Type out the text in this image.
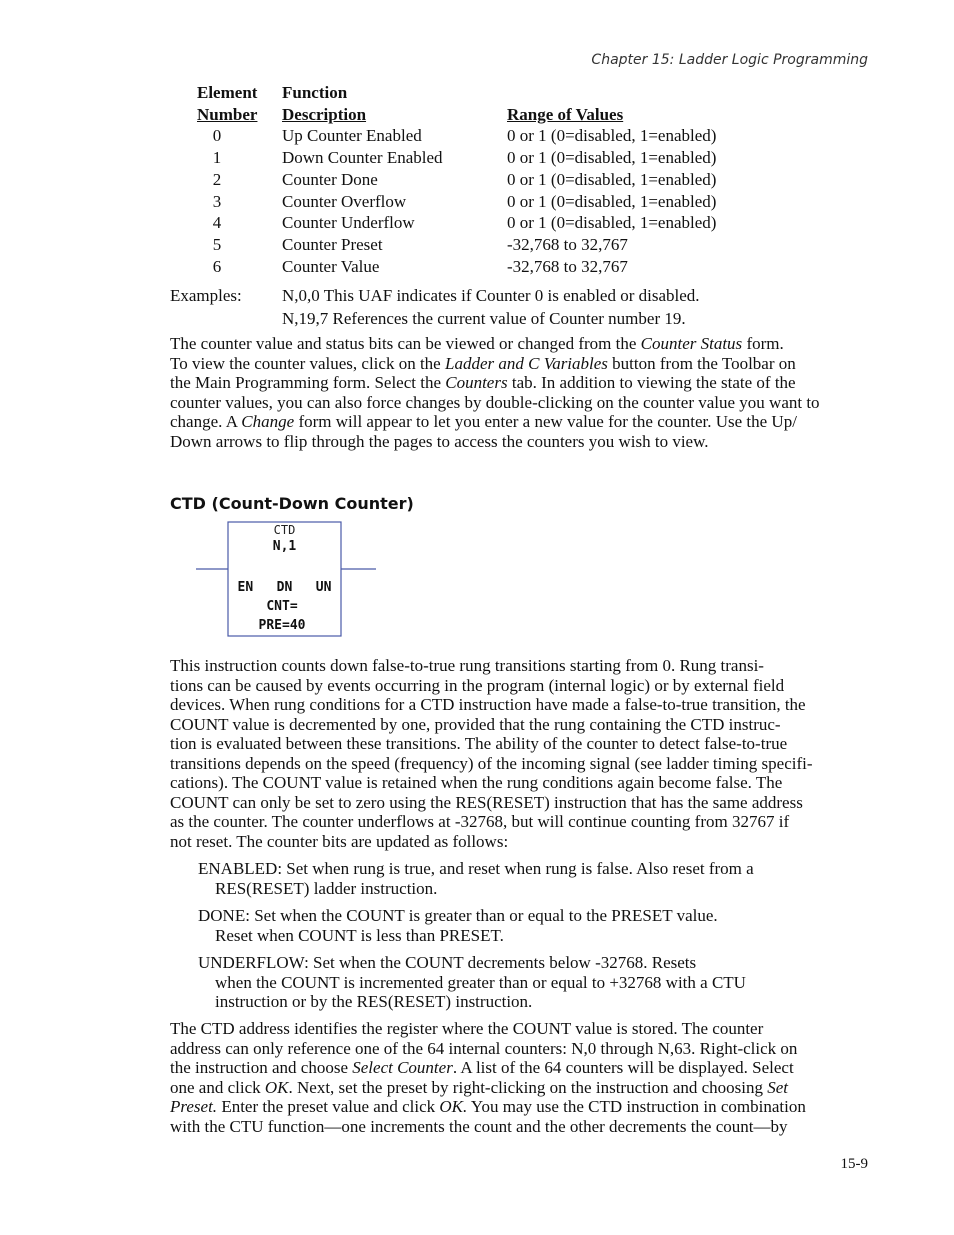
Chapter 15: Ladder Logic Programming
Element	Function
Number	Description	Range of Values
0	Up Counter Enabled	0 or 1 (0=disabled, 1=enabled)
1	Down Counter Enabled	0 or 1 (0=disabled, 1=enabled)
2	Counter Done	0 or 1 (0=disabled, 1=enabled)
3	Counter Overflow	0 or 1 (0=disabled, 1=enabled)
4	Counter Underflow	0 or 1 (0=disabled, 1=enabled)
5	Counter Preset	-32,768 to 32,767
6	Counter Value	-32,768 to 32,767
Examples:	N,0,0 This UAF indicates if Counter 0 is enabled or disabled.
N,19,7 References the current value of Counter number 19.
The counter value and status bits can be viewed or changed from the Counter Status form.
To view the counter values, click on the Ladder and C Variables button from the Toolbar on
the Main Programming form. Select the Counters tab. In addition to viewing the state of the
counter values, you can also force changes by double-clicking on the counter value you want to
change. A Change form will appear to let you enter a new value for the counter. Use the Up/
Down arrows to flip through the pages to access the counters you wish to view.
CTD (Count-Down Counter)
CTD
N,1
EN   DN   UN
CNT=
PRE=40
This instruction counts down false-to-true rung transitions starting from 0. Rung transi-
tions can be caused by events occurring in the program (internal logic) or by external field
devices. When rung conditions for a CTD instruction have made a false-to-true transition, the
COUNT value is decremented by one, provided that the rung containing the CTD instruc-
tion is evaluated between these transitions. The ability of the counter to detect false-to-true
transitions depends on the speed (frequency) of the incoming signal (see ladder timing specifi-
cations). The COUNT value is retained when the rung conditions again become false. The
COUNT can only be set to zero using the RES(RESET) instruction that has the same address
as the counter. The counter underflows at -32768, but will continue counting from 32767 if
not reset. The counter bits are updated as follows:
ENABLED: Set when rung is true, and reset when rung is false. Also reset from a
RES(RESET) ladder instruction.
DONE: Set when the COUNT is greater than or equal to the PRESET value.
Reset when COUNT is less than PRESET.
UNDERFLOW: Set when the COUNT decrements below -32768. Resets
when the COUNT is incremented greater than or equal to +32768 with a CTU
instruction or by the RES(RESET) instruction.
The CTD address identifies the register where the COUNT value is stored. The counter
address can only reference one of the 64 internal counters: N,0 through N,63. Right-click on
the instruction and choose Select Counter. A list of the 64 counters will be displayed. Select
one and click OK. Next, set the preset by right-clicking on the instruction and choosing Set
Preset. Enter the preset value and click OK. You may use the CTD instruction in combination
with the CTU function—one increments the count and the other decrements the count—by
15-9
